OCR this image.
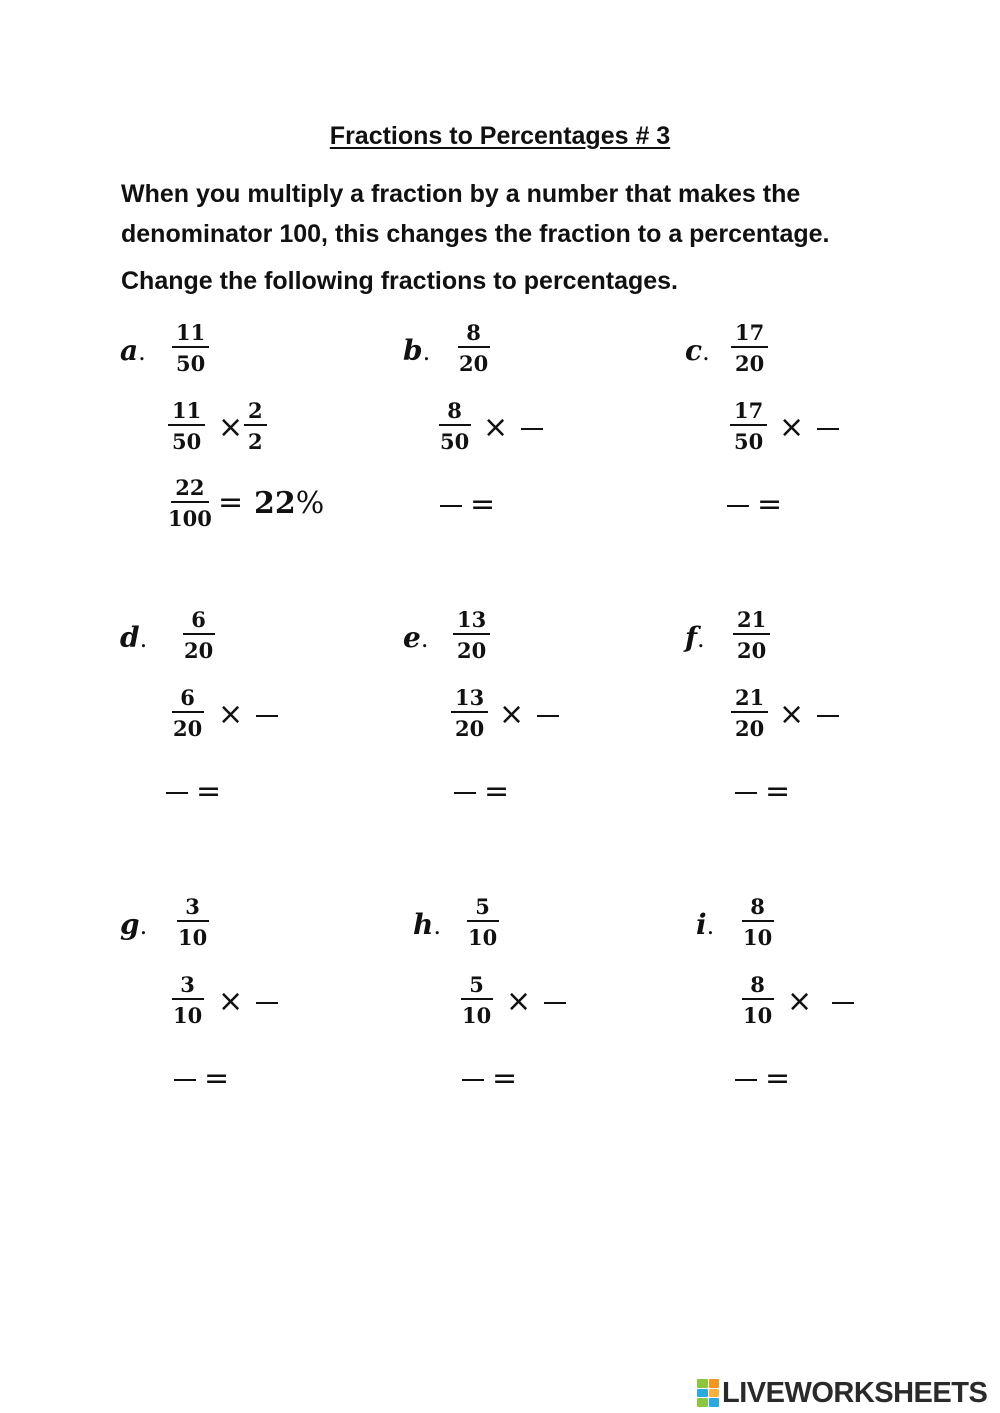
Fractions to Percentages # 3
When you multiply a fraction by a number that makes the
denominator 100, this changes the fraction to a percentage.
Change the following fractions to percentages.
a. $\frac{11}{50}$
$\frac{11}{50} \times \frac{2}{2}$
$\frac{22}{100} = 22\%$
b. $\frac{8}{20}$
$\frac{8}{50}$ ×
=
c. $\frac{17}{20}$
$\frac{17}{50}$ ×
=
d. $\frac{6}{20}$
$\frac{6}{20}$ ×
=
e. $\frac{13}{20}$
$\frac{13}{20}$ ×
=
f. $\frac{21}{20}$
$\frac{21}{20}$ ×
=
g. $\frac{3}{10}$
$\frac{3}{10}$ ×
=
h. $\frac{5}{10}$
$\frac{5}{10}$ ×
=
i. $\frac{8}{10}$
$\frac{8}{10}$ ×
=
LIVEWORKSHEETS
